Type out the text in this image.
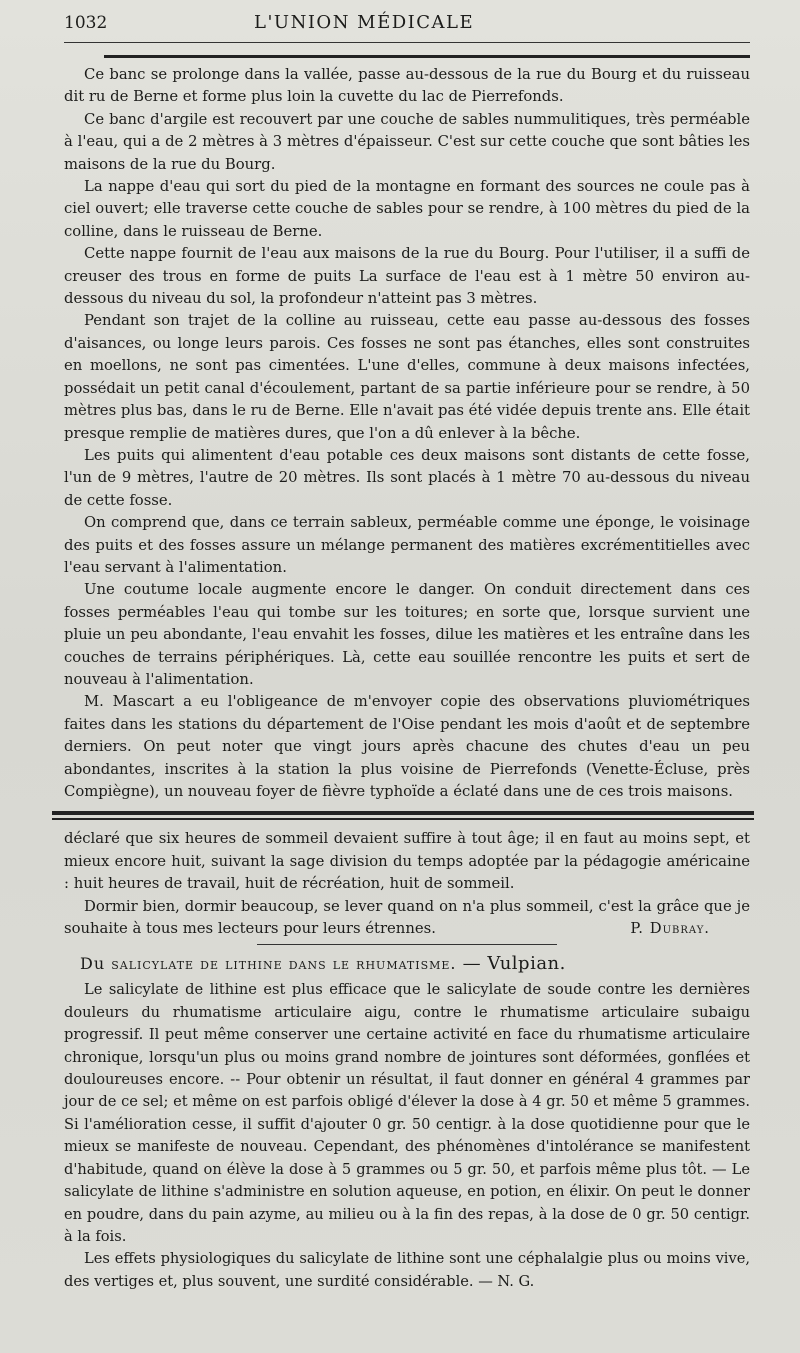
1032	L'UNION MÉDICALE

Ce banc se prolonge dans la vallée, passe au-dessous de la rue du Bourg et du ruisseau dit ru de Berne et forme plus loin la cuvette du lac de Pierrefonds.

Ce banc d'argile est recouvert par une couche de sables nummulitiques, très perméable à l'eau, qui a de 2 mètres à 3 mètres d'épaisseur. C'est sur cette couche que sont bâties les maisons de la rue du Bourg.

La nappe d'eau qui sort du pied de la montagne en formant des sources ne coule pas à ciel ouvert; elle traverse cette couche de sables pour se rendre, à 100 mètres du pied de la colline, dans le ruisseau de Berne.

Cette nappe fournit de l'eau aux maisons de la rue du Bourg. Pour l'utiliser, il a suffi de creuser des trous en forme de puits La surface de l'eau est à 1 mètre 50 environ au-dessous du niveau du sol, la profondeur n'atteint pas 3 mètres.

Pendant son trajet de la colline au ruisseau, cette eau passe au-dessous des fosses d'aisances, ou longe leurs parois. Ces fosses ne sont pas étanches, elles sont construites en moellons, ne sont pas cimentées. L'une d'elles, commune à deux maisons infectées, possédait un petit canal d'écoulement, partant de sa partie inférieure pour se rendre, à 50 mètres plus bas, dans le ru de Berne. Elle n'avait pas été vidée depuis trente ans. Elle était presque remplie de matières dures, que l'on a dû enlever à la bêche.

Les puits qui alimentent d'eau potable ces deux maisons sont distants de cette fosse, l'un de 9 mètres, l'autre de 20 mètres. Ils sont placés à 1 mètre 70 au-dessous du niveau de cette fosse.

On comprend que, dans ce terrain sableux, perméable comme une éponge, le voisinage des puits et des fosses assure un mélange permanent des matières excrémentitielles avec l'eau servant à l'alimentation.

Une coutume locale augmente encore le danger. On conduit directement dans ces fosses perméables l'eau qui tombe sur les toitures; en sorte que, lorsque survient une pluie un peu abondante, l'eau envahit les fosses, dilue les matières et les entraîne dans les couches de terrains périphériques. Là, cette eau souillée rencontre les puits et sert de nouveau à l'alimentation.

M. Mascart a eu l'obligeance de m'envoyer copie des observations pluviométriques faites dans les stations du département de l'Oise pendant les mois d'août et de septembre derniers. On peut noter que vingt jours après chacune des chutes d'eau un peu abondantes, inscrites à la station la plus voisine de Pierrefonds (Venette-Écluse, près Compiègne), un nouveau foyer de fièvre typhoïde a éclaté dans une de ces trois maisons.

déclaré que six heures de sommeil devaient suffire à tout âge; il en faut au moins sept, et mieux encore huit, suivant la sage division du temps adoptée par la pédagogie américaine : huit heures de travail, huit de récréation, huit de sommeil.

Dormir bien, dormir beaucoup, se lever quand on n'a plus sommeil, c'est la grâce que je souhaite à tous mes lecteurs pour leurs étrennes.	P. Dubray.
Du salicylate de lithine dans le rhumatisme. — Vulpian.

Le salicylate de lithine est plus efficace que le salicylate de soude contre les dernières douleurs du rhumatisme articulaire aigu, contre le rhumatisme articulaire subaigu progressif. Il peut même conserver une certaine activité en face du rhumatisme articulaire chronique, lorsqu'un plus ou moins grand nombre de jointures sont déformées, gonflées et douloureuses encore. -- Pour obtenir un résultat, il faut donner en général 4 grammes par jour de ce sel; et même on est parfois obligé d'élever la dose à 4 gr. 50 et même 5 grammes. Si l'amélioration cesse, il suffit d'ajouter 0 gr. 50 centigr. à la dose quotidienne pour que le mieux se manifeste de nouveau. Cependant, des phénomènes d'intolérance se manifestent d'habitude, quand on élève la dose à 5 grammes ou 5 gr. 50, et parfois même plus tôt. — Le salicylate de lithine s'administre en solution aqueuse, en potion, en élixir. On peut le donner en poudre, dans du pain azyme, au milieu ou à la fin des repas, à la dose de 0 gr. 50 centigr. à la fois.

Les effets physiologiques du salicylate de lithine sont une céphalalgie plus ou moins vive, des vertiges et, plus souvent, une surdité considérable. — N. G.
